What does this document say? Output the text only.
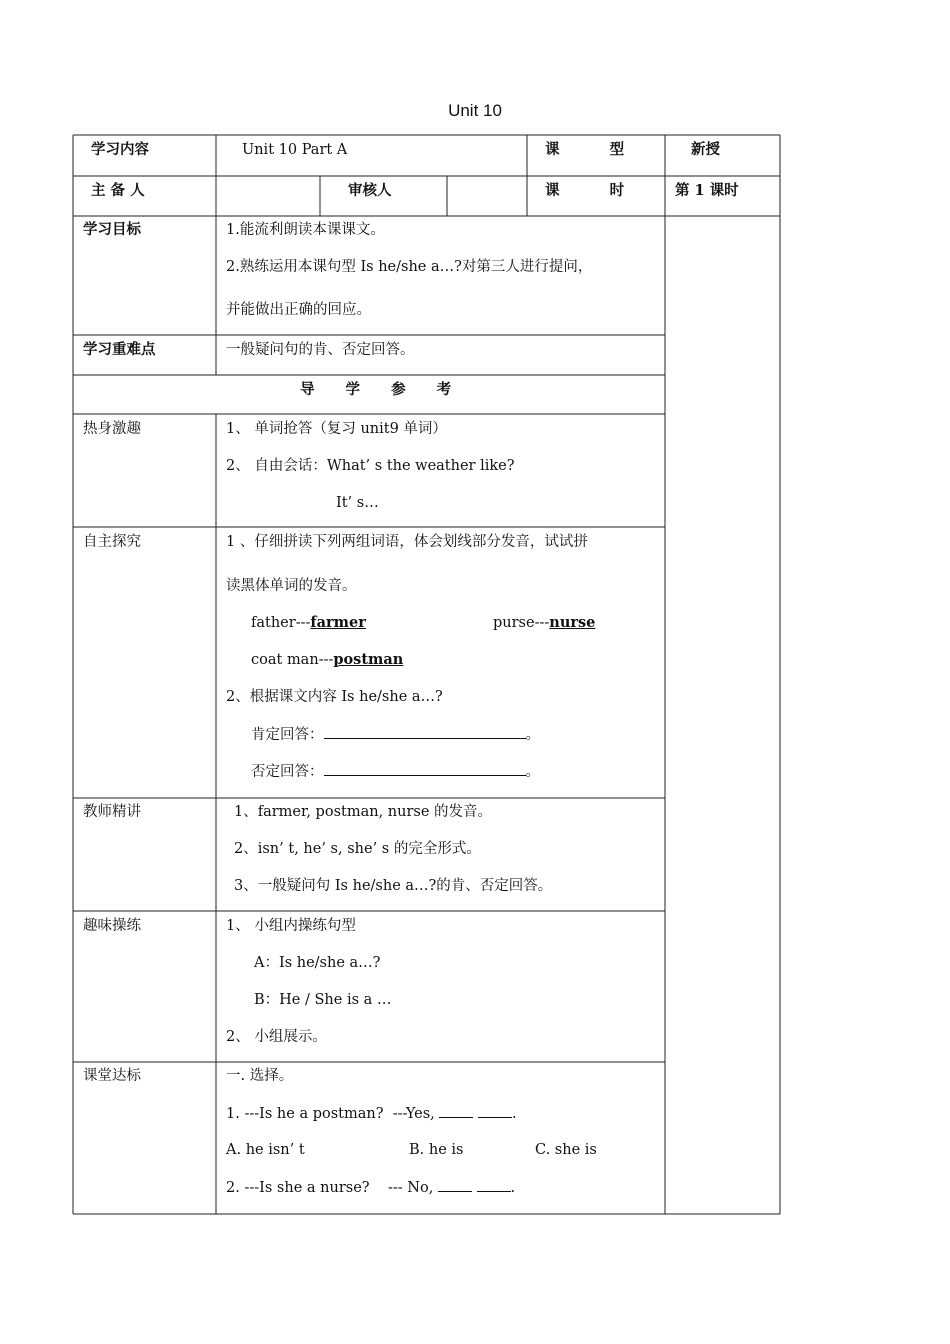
Unit 10
学习内容	Unit 10 Part A	课  型	新授
主 备 人	审核人	课  时	第 1 课时
学习目标	1.能流利朗读本课课文。
2.熟练运用本课句型 Is he/she a…?对第三人进行提问，
并能做出正确的回应。
学习重难点	一般疑问句的肯、否定回答。
导 学 参 考
热身激趣	1、 单词抢答（复习 unit9 单词）
2、 自由会话：What’ s the weather like?
It’ s…
自主探究	1 、仔细拼读下列两组词语，体会划线部分发音，试试拼
读黑体单词的发音。
father---farmer	purse---nurse
coat man---postman
2、根据课文内容 Is he/she a…?
肯定回答：	。
否定回答：	。
教师精讲	1、farmer, postman, nurse 的发音。
2、isn’ t, he’ s, she’ s 的完全形式。
3、一般疑问句 Is he/she a…?的肯、否定回答。
趣味操练	1、 小组内操练句型
A：Is he/she a…?
B：He / She is a …
2、 小组展示。
课堂达标	一. 选择。
1. ---Is he a postman?  ---Yes,	.
A. he isn’ t	B. he is	C. she is
2. ---Is she a nurse?    --- No,	.
